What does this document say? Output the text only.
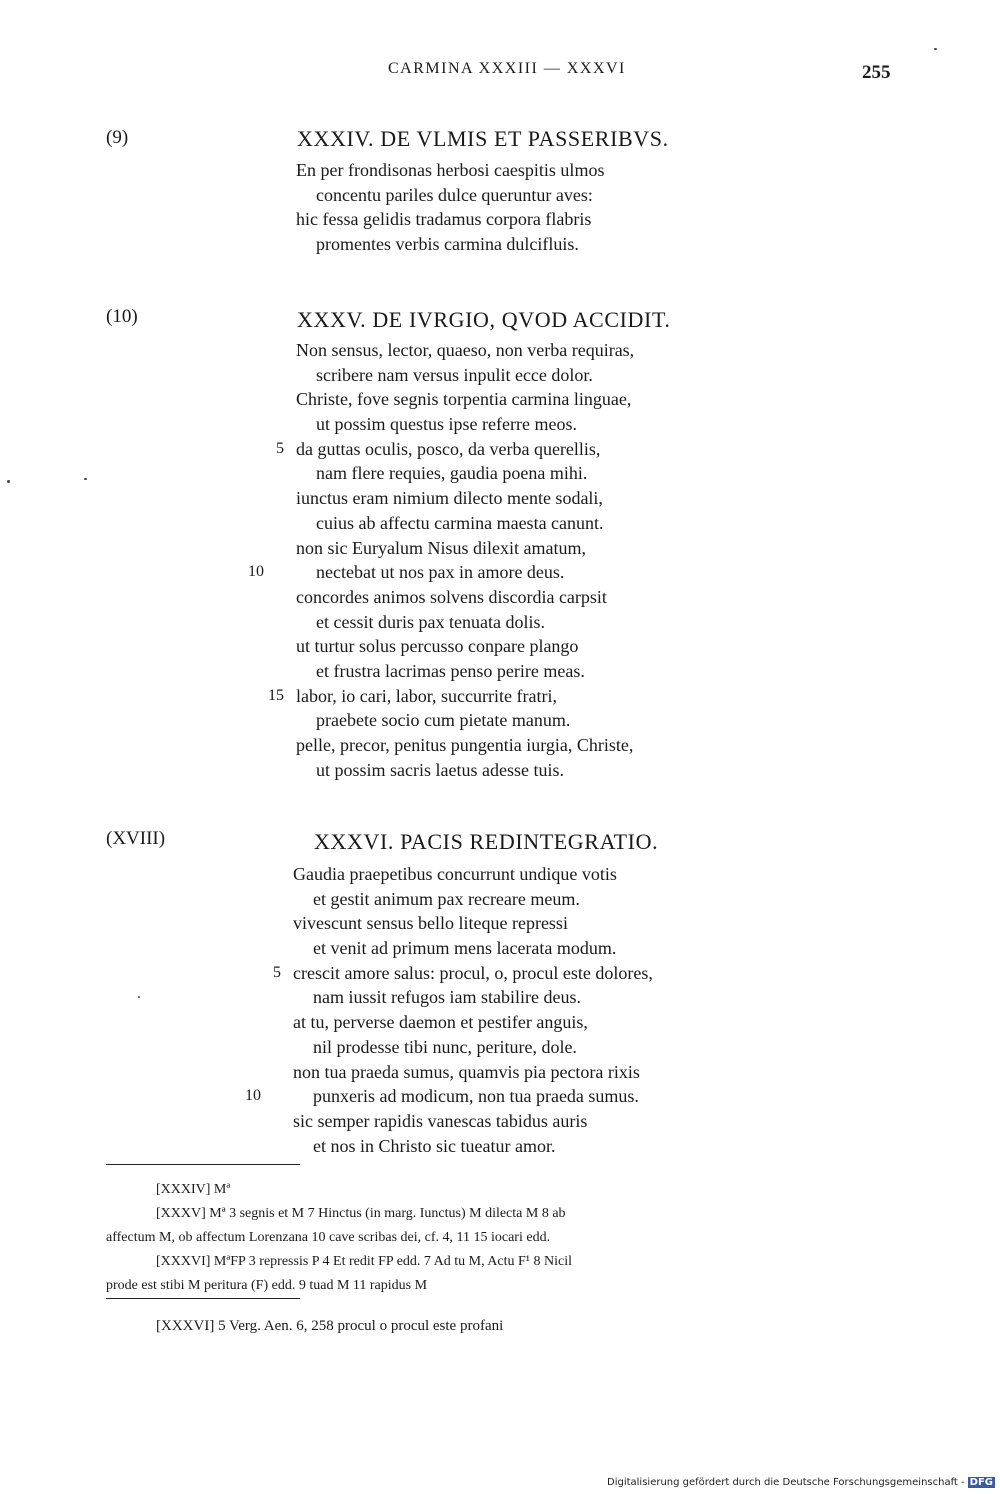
CARMINA XXXIII — XXXVI	255
(9)	XXXIV. DE VLMIS ET PASSERIBVS.
En per frondisonas herbosi caespitis ulmos
concentu pariles dulce queruntur aves:
hic fessa gelidis tradamus corpora flabris
promentes verbis carmina dulcifluis.
(10)	XXXV. DE IVRGIO, QVOD ACCIDIT.
Non sensus, lector, quaeso, non verba requiras,
scribere nam versus inpulit ecce dolor.
Christe, fove segnis torpentia carmina linguae,
ut possim questus ipse referre meos.
5 da guttas oculis, posco, da verba querellis,
nam flere requies, gaudia poena mihi.
iunctus eram nimium dilecto mente sodali,
cuius ab affectu carmina maesta canunt.
non sic Euryalum Nisus dilexit amatum,
10	nectebat ut nos pax in amore deus.
concordes animos solvens discordia carpsit
et cessit duris pax tenuata dolis.
ut turtur solus percusso conpare plango
et frustra lacrimas penso perire meas.
15 labor, io cari, labor, succurrite fratri,
praebete socio cum pietate manum.
pelle, precor, penitus pungentia iurgia, Christe,
ut possim sacris laetus adesse tuis.
(XVIII)	XXXVI. PACIS REDINTEGRATIO.
Gaudia praepetibus concurrunt undique votis
et gestit animum pax recreare meum.
vivescunt sensus bello liteque repressi
et venit ad primum mens lacerata modum.
5 crescit amore salus: procul, o, procul este dolores,
nam iussit refugos iam stabilire deus.
at tu, perverse daemon et pestifer anguis,
nil prodesse tibi nunc, periture, dole.
non tua praeda sumus, quamvis pia pectora rixis
10	punxeris ad modicum, non tua praeda sumus.
sic semper rapidis vanescas tabidus auris
et nos in Christo sic tueatur amor.
[XXXIV] Mª
[XXXV] Mª 3 segnis et M 7 Hinctus (in marg. Iunctus) M dilecta M 8 ab
affectum M, ob affectum Lorenzana 10 cave scribas dei, cf. 4, 11 15 iocari edd.
[XXXVI] MªFP 3 repressis P 4 Et redit FP edd. 7 Ad tu M, Actu F¹ 8 Nicil
prode est stibi M peritura (F) edd. 9 tuad M 11 rapidus M
[XXXVI] 5 Verg. Aen. 6, 258 procul o procul este profani
Digitalisierung gefördert durch die Deutsche Forschungsgemeinschaft - DFG
